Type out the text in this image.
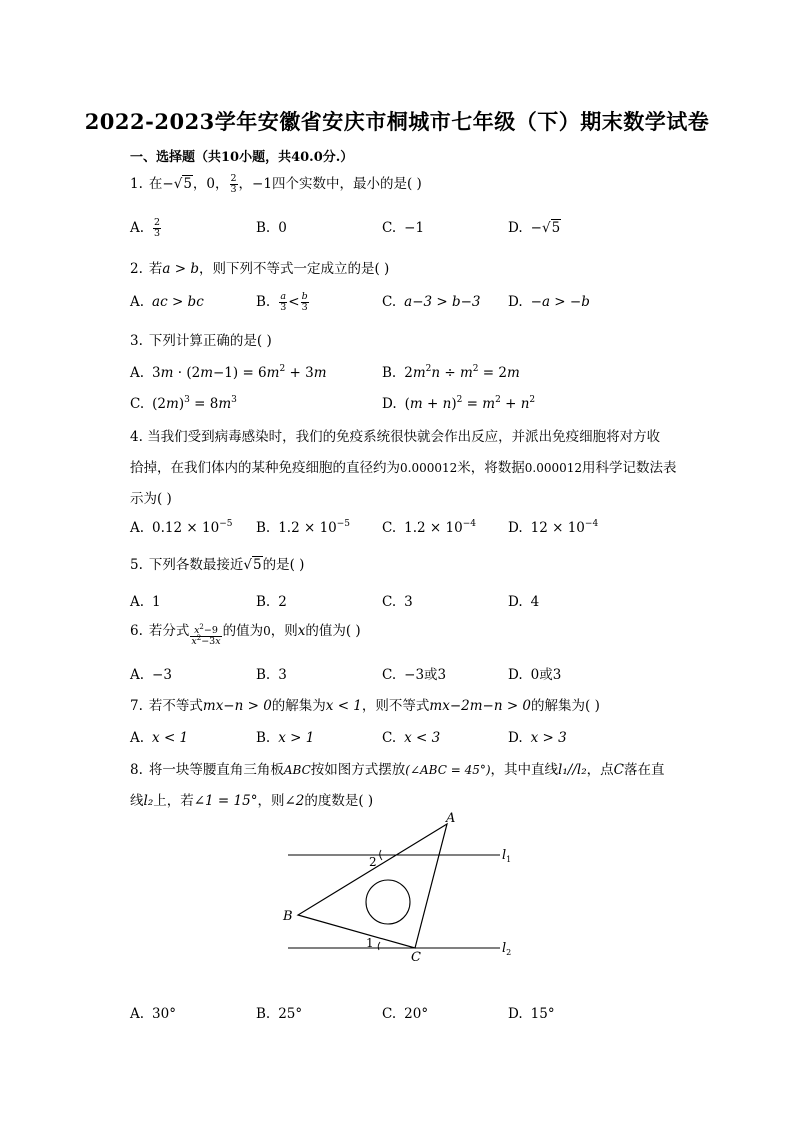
2022-2023学年安徽省安庆市桐城市七年级（下）期末数学试卷
一、选择题（共10小题，共40.0分.）
1. 在−√5，0， $\frac{2}{3}$ ，−1四个实数中，最小的是( )
A. $\frac{2}{3}$	B. 0	C. −1	D. −√5
2. 若a > b，则下列不等式一定成立的是( )
A. ac > bc	B. $\frac{a}{3} < \frac{b}{3}$	C. a−3 > b−3 D. −a > −b
3. 下列计算正确的是( )
A. $3m \cdot (2m-1) = 6m^2 + 3m$	B. $2m^2n \div m^2 = 2m$
C. $(2m)^3 = 8m^3$	D. $(m + n)^2 = m^2 + n^2$
4. 当我们受到病毒感染时，我们的免疫系统很快就会作出反应，并派出免疫细胞将对方收
拾掉，在我们体内的某种免疫细胞的直径约为0.000012米，将数据0.000012用科学记数法表
示为( )
A. $0.12 \times 10^{-5}$ B. $1.2 \times 10^{-5}$ C. $1.2 \times 10^{-4}$ D. $12 \times 10^{-4}$
5. 下列各数最接近√5的是( )
A. 1	B. 2	C. 3	D. 4
6. 若分式 $\frac{x^2-9}{x^2-3x}$ 的值为0，则x的值为( )
A. −3	B. 3	C. −3或3	D. 0或3
7. 若不等式mx−n > 0的解集为x < 1，则不等式mx−2m−n > 0的解集为( )
A. x < 1	B. x > 1	C. x < 3	D. x > 3
8. 将一块等腰直角三角板ABC按如图方式摆放(∠ABC = 45°)，其中直线l₁//l₂，点C落在直
线l₂上，若∠1 = 15°，则∠2的度数是( )
A
B
C
2
1
$l_1$
$l_2$
A. 30°	B. 25°	C. 20°	D. 15°
